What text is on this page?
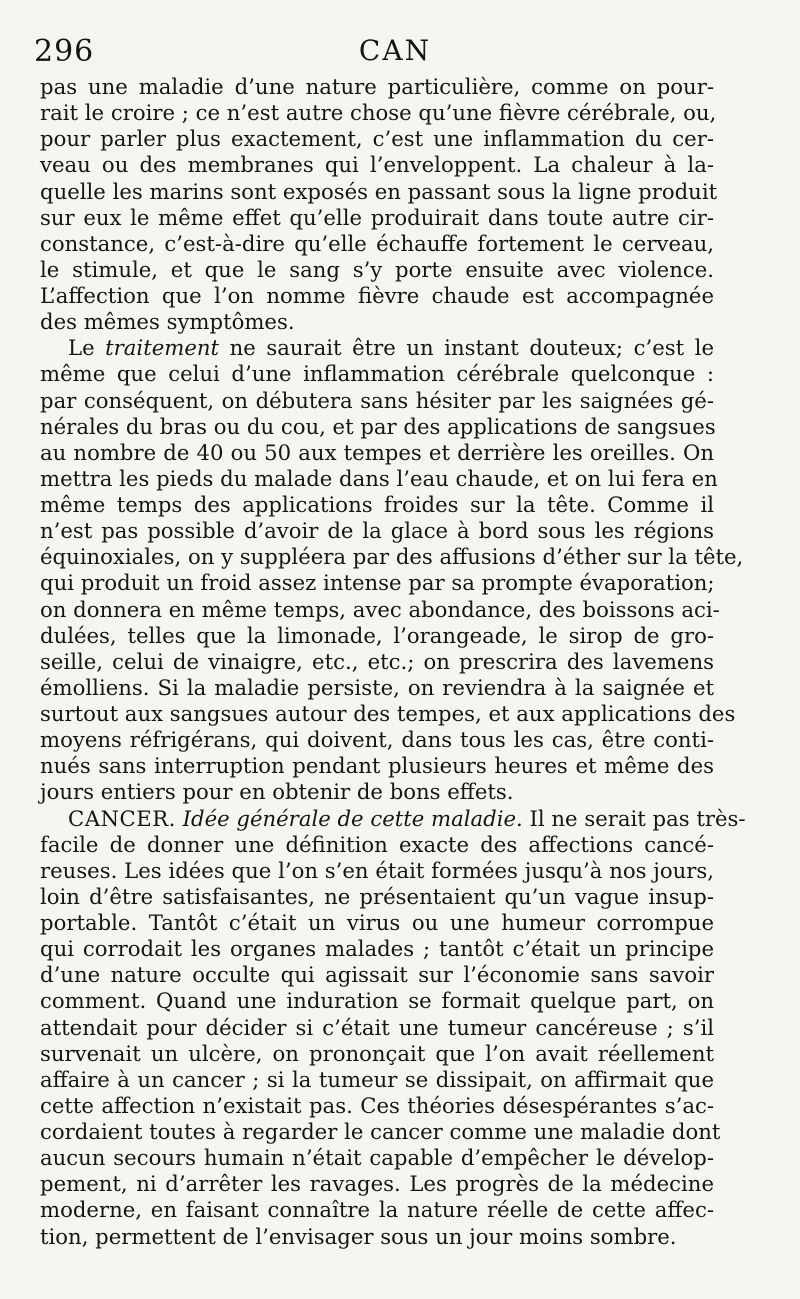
296	CAN
pas une maladie d’une nature particulière, comme on pour-
rait le croire ; ce n’est autre chose qu’une fièvre cérébrale, ou,
pour parler plus exactement, c’est une inflammation du cer-
veau ou des membranes qui l’enveloppent. La chaleur à la-
quelle les marins sont exposés en passant sous la ligne produit
sur eux le même effet qu’elle produirait dans toute autre cir-
constance, c’est-à-dire qu’elle échauffe fortement le cerveau,
le stimule, et que le sang s’y porte ensuite avec violence.
L’affection que l’on nomme fièvre chaude est accompagnée
des mêmes symptômes.
Le traitement ne saurait être un instant douteux; c’est le
même que celui d’une inflammation cérébrale quelconque :
par conséquent, on débutera sans hésiter par les saignées gé-
nérales du bras ou du cou, et par des applications de sangsues
au nombre de 40 ou 50 aux tempes et derrière les oreilles. On
mettra les pieds du malade dans l’eau chaude, et on lui fera en
même temps des applications froides sur la tête. Comme il
n’est pas possible d’avoir de la glace à bord sous les régions
équinoxiales, on y suppléera par des affusions d’éther sur la tête,
qui produit un froid assez intense par sa prompte évaporation;
on donnera en même temps, avec abondance, des boissons aci-
dulées, telles que la limonade, l’orangeade, le sirop de gro-
seille, celui de vinaigre, etc., etc.; on prescrira des lavemens
émolliens. Si la maladie persiste, on reviendra à la saignée et
surtout aux sangsues autour des tempes, et aux applications des
moyens réfrigérans, qui doivent, dans tous les cas, être conti-
nués sans interruption pendant plusieurs heures et même des
jours entiers pour en obtenir de bons effets.
CANCER. Idée générale de cette maladie. Il ne serait pas très-
facile de donner une définition exacte des affections cancé-
reuses. Les idées que l’on s’en était formées jusqu’à nos jours,
loin d’être satisfaisantes, ne présentaient qu’un vague insup-
portable. Tantôt c’était un virus ou une humeur corrompue
qui corrodait les organes malades ; tantôt c’était un principe
d’une nature occulte qui agissait sur l’économie sans savoir
comment. Quand une induration se formait quelque part, on
attendait pour décider si c’était une tumeur cancéreuse ; s’il
survenait un ulcère, on prononçait que l’on avait réellement
affaire à un cancer ; si la tumeur se dissipait, on affirmait que
cette affection n’existait pas. Ces théories désespérantes s’ac-
cordaient toutes à regarder le cancer comme une maladie dont
aucun secours humain n’était capable d’empêcher le dévelop-
pement, ni d’arrêter les ravages. Les progrès de la médecine
moderne, en faisant connaître la nature réelle de cette affec-
tion, permettent de l’envisager sous un jour moins sombre.
